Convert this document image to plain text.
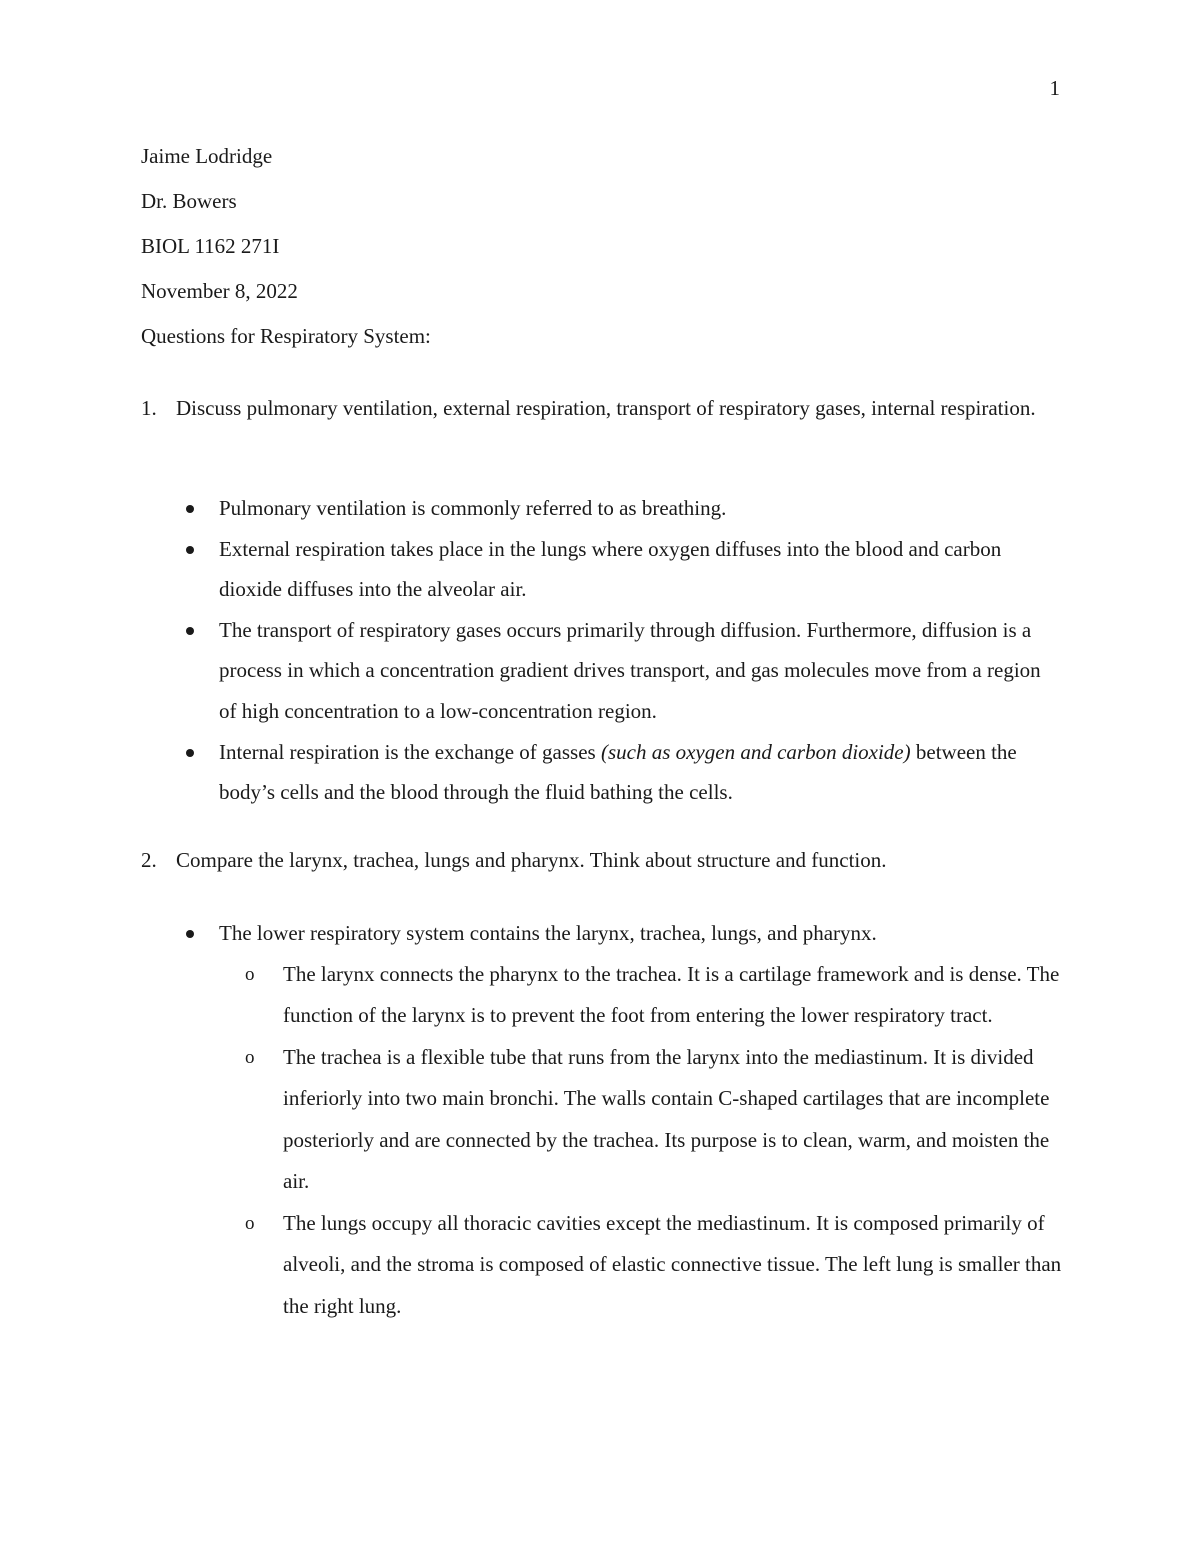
1
Jaime Lodridge
Dr. Bowers
BIOL 1162 271I
November 8, 2022
Questions for Respiratory System:
1. Discuss pulmonary ventilation, external respiration, transport of respiratory gases, internal respiration.
Pulmonary ventilation is commonly referred to as breathing.
External respiration takes place in the lungs where oxygen diffuses into the blood and carbon dioxide diffuses into the alveolar air.
The transport of respiratory gases occurs primarily through diffusion. Furthermore, diffusion is a process in which a concentration gradient drives transport, and gas molecules move from a region of high concentration to a low-concentration region.
Internal respiration is the exchange of gasses (such as oxygen and carbon dioxide) between the body’s cells and the blood through the fluid bathing the cells.
2. Compare the larynx, trachea, lungs and pharynx. Think about structure and function.
The lower respiratory system contains the larynx, trachea, lungs, and pharynx.
o	The larynx connects the pharynx to the trachea. It is a cartilage framework and is dense. The function of the larynx is to prevent the foot from entering the lower respiratory tract.
o	The trachea is a flexible tube that runs from the larynx into the mediastinum. It is divided inferiorly into two main bronchi. The walls contain C-shaped cartilages that are incomplete posteriorly and are connected by the trachea. Its purpose is to clean, warm, and moisten the air.
o	The lungs occupy all thoracic cavities except the mediastinum. It is composed primarily of alveoli, and the stroma is composed of elastic connective tissue. The left lung is smaller than the right lung.
